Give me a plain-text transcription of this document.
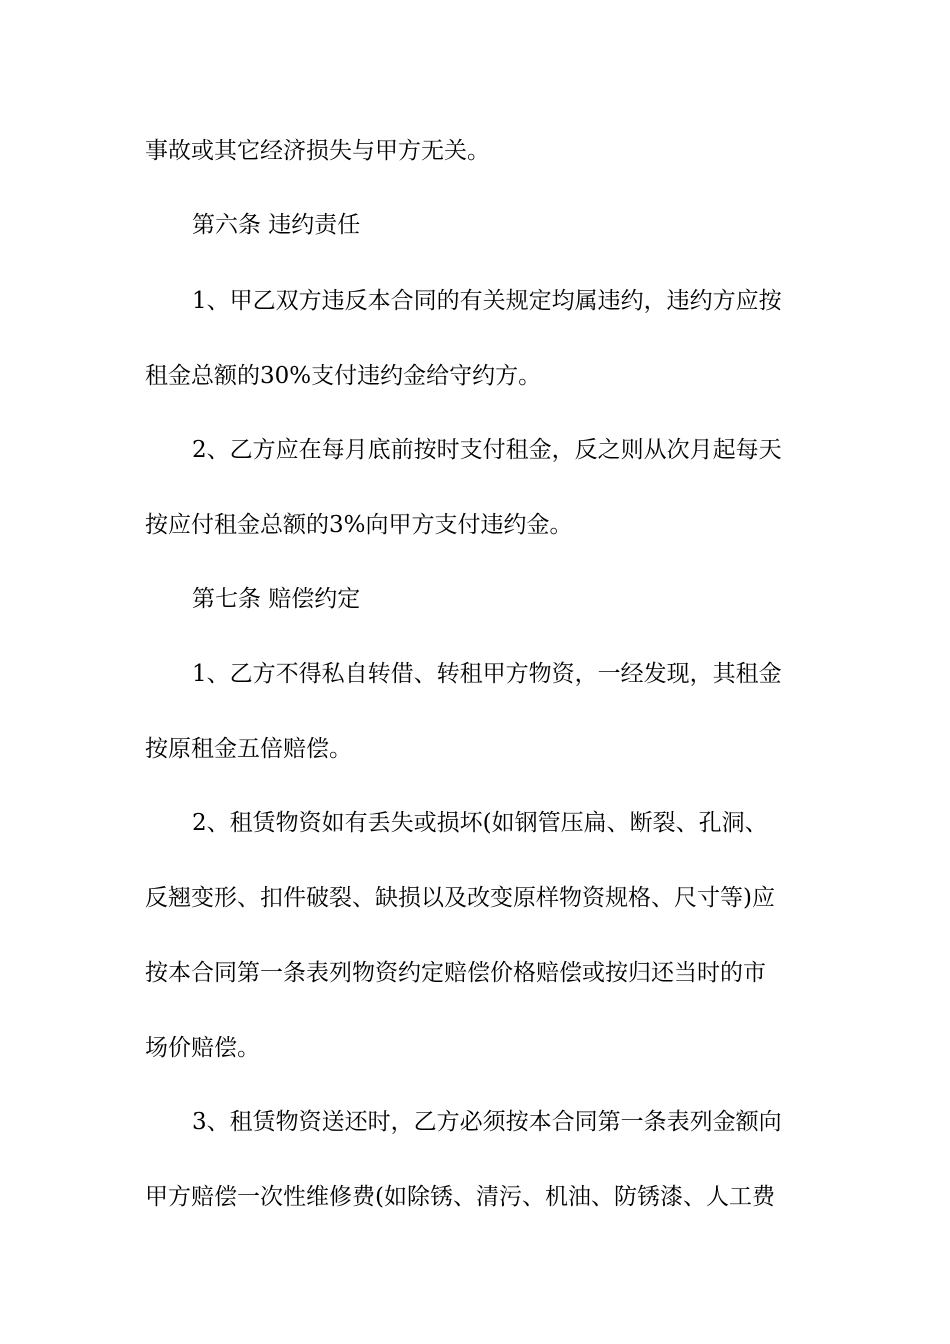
事故或其它经济损失与甲方无关。
第六条 违约责任
1、甲乙双方违反本合同的有关规定均属违约，违约方应按
租金总额的30%支付违约金给守约方。
2、乙方应在每月底前按时支付租金，反之则从次月起每天
按应付租金总额的3%向甲方支付违约金。
第七条 赔偿约定
1、乙方不得私自转借、转租甲方物资，一经发现，其租金
按原租金五倍赔偿。
2、租赁物资如有丢失或损坏(如钢管压扁、断裂、孔洞、
反翘变形、扣件破裂、缺损以及改变原样物资规格、尺寸等)应
按本合同第一条表列物资约定赔偿价格赔偿或按归还当时的市
场价赔偿。
3、租赁物资送还时，乙方必须按本合同第一条表列金额向
甲方赔偿一次性维修费(如除锈、清污、机油、防锈漆、人工费
